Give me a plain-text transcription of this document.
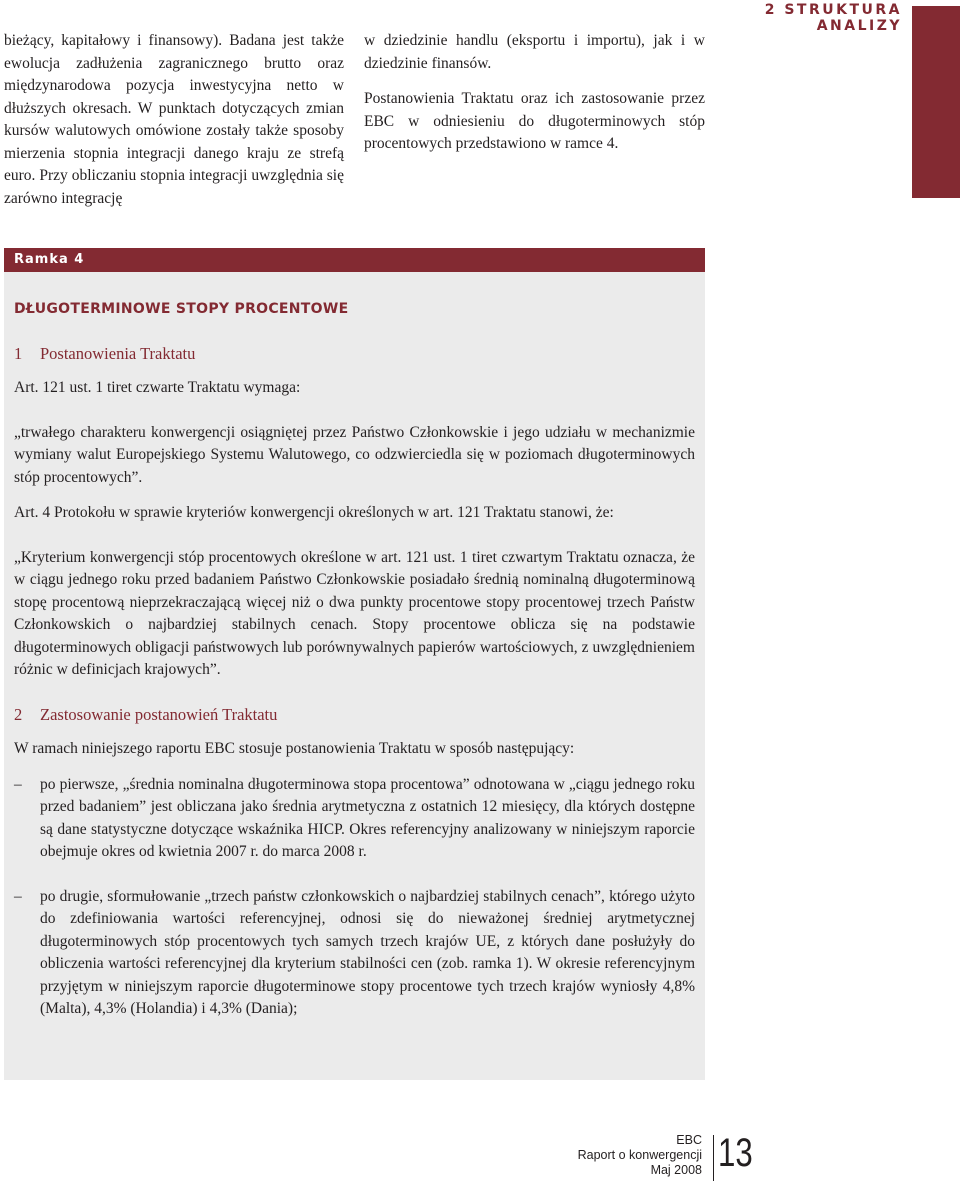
2 STRUKTURA
ANALIZY

bieżący, kapitałowy i finansowy). Badana jest także ewolucja zadłużenia zagranicznego brutto oraz międzynarodowa pozycja inwestycyjna netto w dłuższych okresach. W punktach dotyczących zmian kursów walutowych omówione zostały także sposoby mierzenia stopnia integracji danego kraju ze strefą euro. Przy obliczaniu stopnia integracji uwzględnia się zarówno integrację

w dziedzinie handlu (eksportu i importu), jak i w dziedzinie finansów.

Postanowienia Traktatu oraz ich zastosowanie przez EBC w odniesieniu do długoterminowych stóp procentowych przedstawiono w ramce 4.

Ramka 4
DŁUGOTERMINOWE STOPY PROCENTOWE
1 Postanowienia Traktatu

Art. 121 ust. 1 tiret czwarte Traktatu wymaga:

„trwałego charakteru konwergencji osiągniętej przez Państwo Członkowskie i jego udziału w mechanizmie wymiany walut Europejskiego Systemu Walutowego, co odzwierciedla się w poziomach długoterminowych stóp procentowych”.

Art. 4 Protokołu w sprawie kryteriów konwergencji określonych w art. 121 Traktatu stanowi, że:

„Kryterium konwergencji stóp procentowych określone w art. 121 ust. 1 tiret czwartym Traktatu oznacza, że w ciągu jednego roku przed badaniem Państwo Członkowskie posiadało średnią nominalną długoterminową stopę procentową nieprzekraczającą więcej niż o dwa punkty procentowe stopy procentowej trzech Państw Członkowskich o najbardziej stabilnych cenach. Stopy procentowe oblicza się na podstawie długoterminowych obligacji państwowych lub porównywalnych papierów wartościowych, z uwzględnieniem różnic w definicjach krajowych”.

2 Zastosowanie postanowień Traktatu

W ramach niniejszego raportu EBC stosuje postanowienia Traktatu w sposób następujący:

–	po pierwsze, „średnia nominalna długoterminowa stopa procentowa” odnotowana w „ciągu jednego roku przed badaniem” jest obliczana jako średnia arytmetyczna z ostatnich 12 miesięcy, dla których dostępne są dane statystyczne dotyczące wskaźnika HICP. Okres referencyjny analizowany w niniejszym raporcie obejmuje okres od kwietnia 2007 r. do marca 2008 r.
–	po drugie, sformułowanie „trzech państw członkowskich o najbardziej stabilnych cenach”, którego użyto do zdefiniowania wartości referencyjnej, odnosi się do nieważonej średniej arytmetycznej długoterminowych stóp procentowych tych samych trzech krajów UE, z których dane posłużyły do obliczenia wartości referencyjnej dla kryterium stabilności cen (zob. ramka 1). W okresie referencyjnym przyjętym w niniejszym raporcie długoterminowe stopy procentowe tych trzech krajów wyniosły 4,8% (Malta), 4,3% (Holandia) i 4,3% (Dania);
EBC
Raport o konwergencji
Maj 2008 13
